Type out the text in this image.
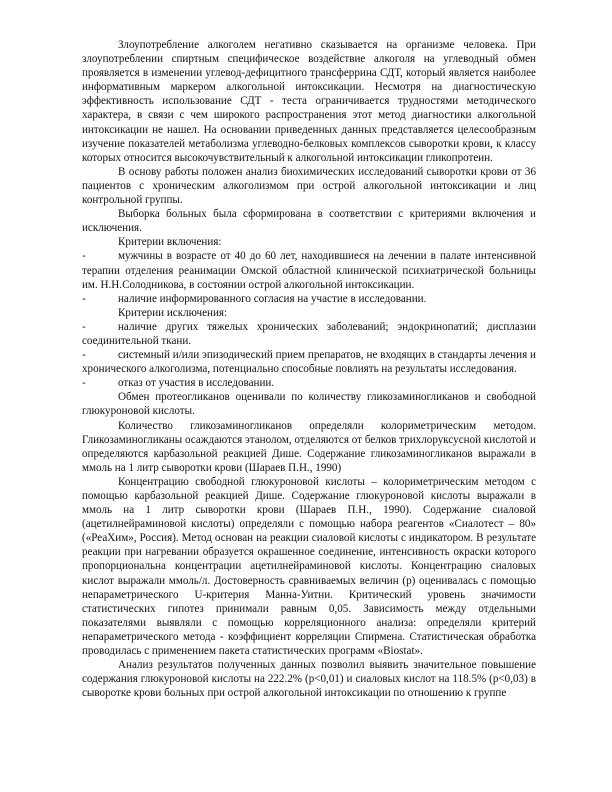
Злоупотребление алкоголем негативно сказывается на организме человека. При злоупотреблении спиртным специфическое воздействие алкоголя на углеводный обмен проявляется в изменении углевод-дефицитного трансферрина СДТ, который является наиболее информативным маркером алкогольной интоксикации. Несмотря на диагностическую эффективность использование СДТ - теста ограничивается трудностями методического характера, в связи с чем широкого распространения этот метод диагностики алкогольной интоксикации не нашел. На основании приведенных данных представляется целесообразным изучение показателей метаболизма углеводно-белковых комплексов сыворотки крови, к классу которых относится высокочувствительный к алкогольной интоксикации гликопротеин.

В основу работы положен анализ биохимических исследований сыворотки крови от 36 пациентов с хроническим алкоголизмом при острой алкогольной интоксикации и лиц контрольной группы.

Выборка больных была сформирована в соответствии с критериями включения и исключения.

Критерии включения:

-	мужчины в возрасте от 40 до 60 лет, находившиеся на лечении в палате интенсивной терапии отделения реанимации Омской областной клинической психиатрической больницы им. Н.Н.Солодникова, в состоянии острой алкогольной интоксикации.

-	наличие информированного согласия на участие в исследовании.

Критерии исключения:

-	наличие других тяжелых хронических заболеваний; эндокринопатий; дисплазии соединительной ткани.

-	системный и/или эпизодический прием препаратов, не входящих в стандарты лечения и хронического алкоголизма, потенциально способные повлиять на результаты исследования.

-	отказ от участия в исследовании.

Обмен протеогликанов оценивали по количеству гликозаминогликанов и свободной глюкуроновой кислоты.

Количество гликозаминогликанов определяли колориметрическим методом. Гликозаминогликаны осаждаются этанолом, отделяются от белков трихлоруксусной кислотой и определяются карбазольной реакцией Дише. Содержание гликозаминогликанов выражали в ммоль на 1 литр сыворотки крови (Шараев П.Н., 1990)

Концентрацию свободной глюкуроновой кислоты – колориметрическим методом с помощью карбазольной реакцией Дише. Содержание глюкуроновой кислоты выражали в ммоль на 1 литр сыворотки крови (Шараев П.Н., 1990). Содержание сиаловой (ацетилнейраминовой кислоты) определяли с помощью набора реагентов «Сиалотест – 80» («РеаХим», Россия). Метод основан на реакции сиаловой кислоты с индикатором. В результате реакции при нагревании образуется окрашенное соединение, интенсивность окраски которого пропорциональна концентрации ацетилнейраминовой кислоты. Концентрацию сиаловых кислот выражали ммоль/л. Достоверность сравниваемых величин (р) оценивалась с помощью непараметрического U-критерия Манна-Уитни. Критический уровень значимости статистических гипотез принимали равным 0,05. Зависимость между отдельными показателями выявляли с помощью корреляционного анализа: определяли критерий непараметрического метода - коэффициент корреляции Спирмена. Статистическая обработка проводилась с применением пакета статистических программ «Biostat».

Анализ результатов полученных данных позволил выявить значительное повышение содержания глюкуроновой кислоты на 222.2% (р<0,01) и сиаловых кислот на 118.5% (р<0,03) в сыворотке крови больных при острой алкогольной интоксикации по отношению к группе
